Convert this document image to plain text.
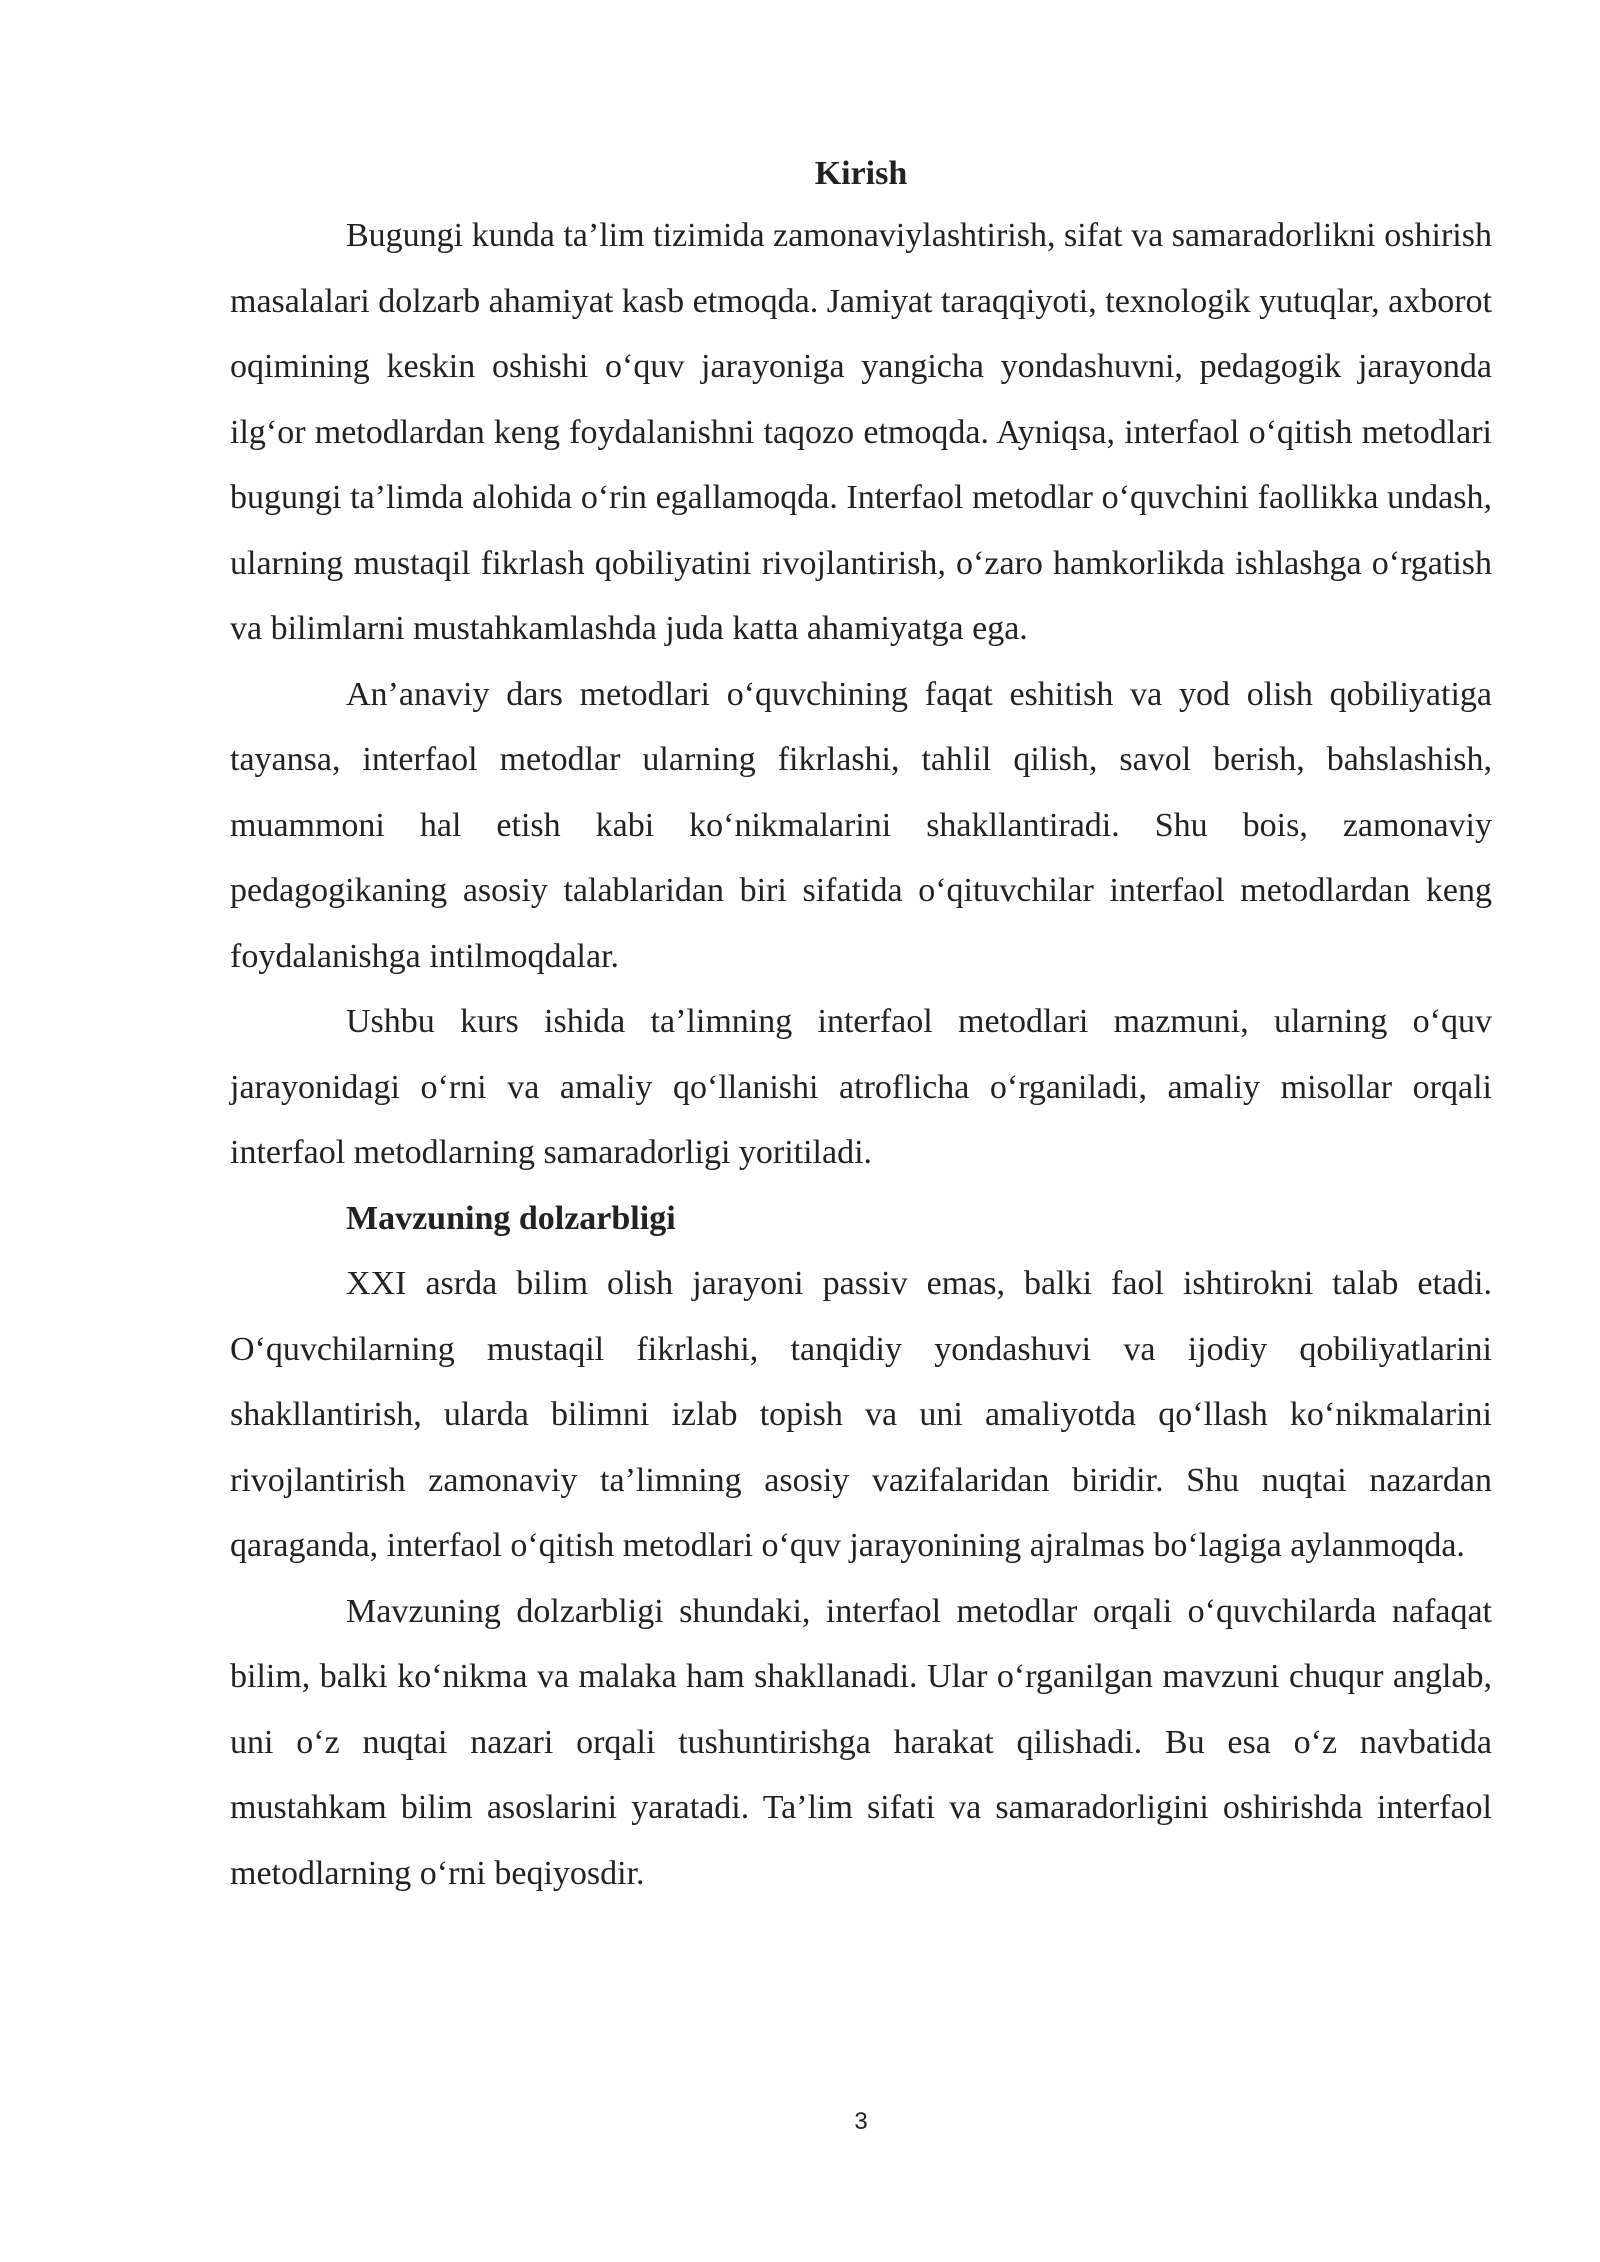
Kirish

Bugungi kunda ta’lim tizimida zamonaviylashtirish, sifat va samaradorlikni oshirish masalalari dolzarb ahamiyat kasb etmoqda. Jamiyat taraqqiyoti, texnologik yutuqlar, axborot oqimining keskin oshishi o‘quv jarayoniga yangicha yondashuvni, pedagogik jarayonda ilg‘or metodlardan keng foydalanishni taqozo etmoqda. Ayniqsa, interfaol o‘qitish metodlari bugungi ta’limda alohida o‘rin egallamoqda. Interfaol metodlar o‘quvchini faollikka undash, ularning mustaqil fikrlash qobiliyatini rivojlantirish, o‘zaro hamkorlikda ishlashga o‘rgatish va bilimlarni mustahkamlashda juda katta ahamiyatga ega.

An’anaviy dars metodlari o‘quvchining faqat eshitish va yod olish qobiliyatiga tayansa, interfaol metodlar ularning fikrlashi, tahlil qilish, savol berish, bahslashish, muammoni hal etish kabi ko‘nikmalarini shakllantiradi. Shu bois, zamonaviy pedagogikaning asosiy talablaridan biri sifatida o‘qituvchilar interfaol metodlardan keng foydalanishga intilmoqdalar.

Ushbu kurs ishida ta’limning interfaol metodlari mazmuni, ularning o‘quv jarayonidagi o‘rni va amaliy qo‘llanishi atroflicha o‘rganiladi, amaliy misollar orqali interfaol metodlarning samaradorligi yoritiladi.

Mavzuning dolzarbligi

XXI asrda bilim olish jarayoni passiv emas, balki faol ishtirokni talab etadi. O‘quvchilarning mustaqil fikrlashi, tanqidiy yondashuvi va ijodiy qobiliyatlarini shakllantirish, ularda bilimni izlab topish va uni amaliyotda qo‘llash ko‘nikmalarini rivojlantirish zamonaviy ta’limning asosiy vazifalaridan biridir. Shu nuqtai nazardan qaraganda, interfaol o‘qitish metodlari o‘quv jarayonining ajralmas bo‘lagiga aylanmoqda.

Mavzuning dolzarbligi shundaki, interfaol metodlar orqali o‘quvchilarda nafaqat bilim, balki ko‘nikma va malaka ham shakllanadi. Ular o‘rganilgan mavzuni chuqur anglab, uni o‘z nuqtai nazari orqali tushuntirishga harakat qilishadi. Bu esa o‘z navbatida mustahkam bilim asoslarini yaratadi. Ta’lim sifati va samaradorligini oshirishda interfaol metodlarning o‘rni beqiyosdir.

3
